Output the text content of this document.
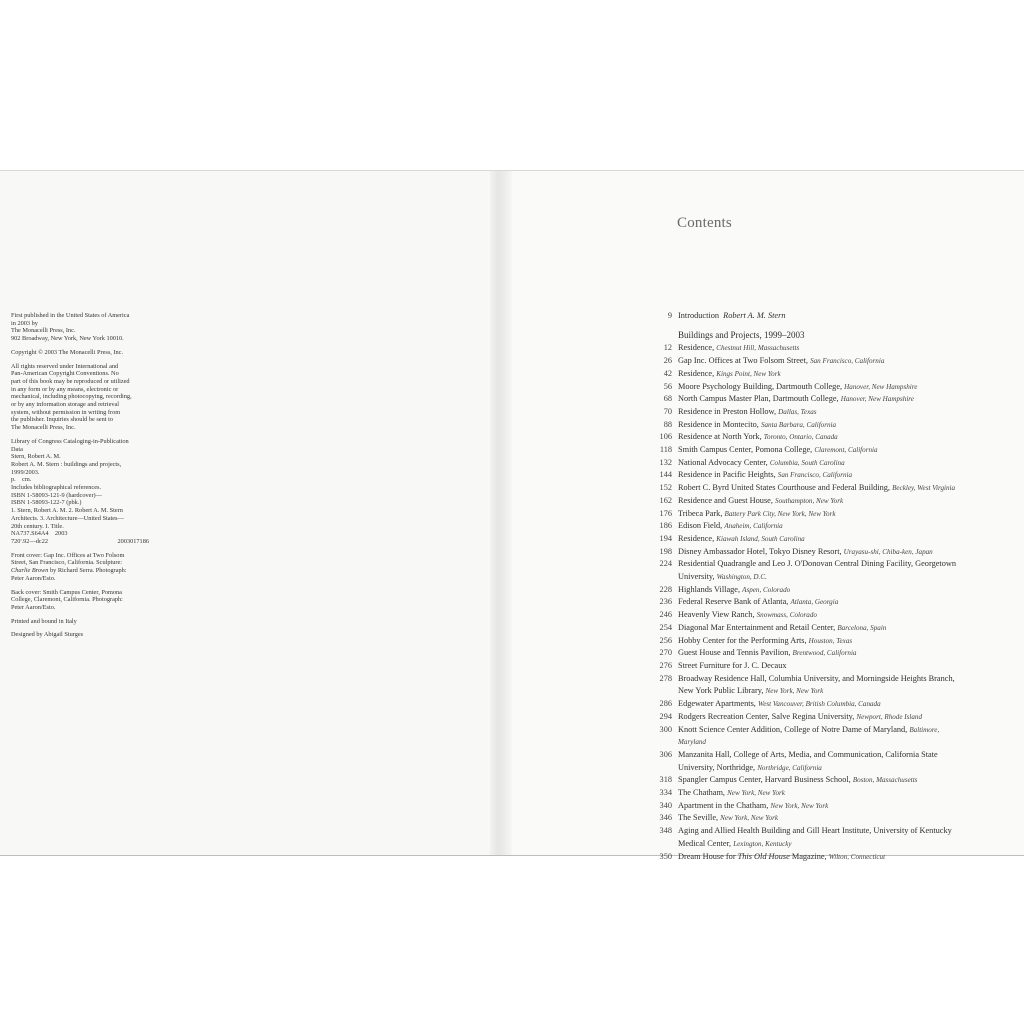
First published in the United States of America
in 2003 by
The Monacelli Press, Inc.
902 Broadway, New York, New York 10010.

Copyright © 2003 The Monacelli Press, Inc.

All rights reserved under International and
Pan-American Copyright Conventions. No
part of this book may be reproduced or utilized
in any form or by any means, electronic or
mechanical, including photocopying, recording,
or by any information storage and retrieval
system, without permission in writing from
the publisher. Inquiries should be sent to
The Monacelli Press, Inc.

Library of Congress Cataloging-in-Publication
Data
Stern, Robert A. M.
Robert A. M. Stern : buildings and projects,
1999/2003.
p.    cm.
Includes bibliographical references.
ISBN 1-58093-121-9 (hardcover)—
ISBN 1-58093-122-7 (pbk.)
1. Stern, Robert A. M. 2. Robert A. M. Stern
Architects. 3. Architecture—United States—
20th century. I. Title.
NA737.S64A4    2003
720'.92—dc22	2003017186

Front cover: Gap Inc. Offices at Two Folsom
Street, San Francisco, California. Sculpture:
Charlie Brown by Richard Serra. Photograph:
Peter Aaron/Esto.

Back cover: Smith Campus Center, Pomona
College, Claremont, California. Photograph:
Peter Aaron/Esto.

Printed and bound in Italy

Designed by Abigail Sturges

Contents
9 Introduction Robert A. M. Stern
Buildings and Projects, 1999–2003
12 Residence, Chestnut Hill, Massachusetts
26 Gap Inc. Offices at Two Folsom Street, San Francisco, California
42 Residence, Kings Point, New York
56 Moore Psychology Building, Dartmouth College, Hanover, New Hampshire
68 North Campus Master Plan, Dartmouth College, Hanover, New Hampshire
70 Residence in Preston Hollow, Dallas, Texas
88 Residence in Montecito, Santa Barbara, California
106 Residence at North York, Toronto, Ontario, Canada
118 Smith Campus Center, Pomona College, Claremont, California
132 National Advocacy Center, Columbia, South Carolina
144 Residence in Pacific Heights, San Francisco, California
152 Robert C. Byrd United States Courthouse and Federal Building, Beckley, West Virginia
162 Residence and Guest House, Southampton, New York
176 Tribeca Park, Battery Park City, New York, New York
186 Edison Field, Anaheim, California
194 Residence, Kiawah Island, South Carolina
198 Disney Ambassador Hotel, Tokyo Disney Resort, Urayasu-shi, Chiba-ken, Japan
224 Residential Quadrangle and Leo J. O'Donovan Central Dining Facility, Georgetown
University, Washington, D.C.
228 Highlands Village, Aspen, Colorado
236 Federal Reserve Bank of Atlanta, Atlanta, Georgia
246 Heavenly View Ranch, Snowmass, Colorado
254 Diagonal Mar Entertainment and Retail Center, Barcelona, Spain
256 Hobby Center for the Performing Arts, Houston, Texas
270 Guest House and Tennis Pavilion, Brentwood, California
276 Street Furniture for J. C. Decaux
278 Broadway Residence Hall, Columbia University, and Morningside Heights Branch,
New York Public Library, New York, New York
286 Edgewater Apartments, West Vancouver, British Columbia, Canada
294 Rodgers Recreation Center, Salve Regina University, Newport, Rhode Island
300 Knott Science Center Addition, College of Notre Dame of Maryland, Baltimore,
Maryland
306 Manzanita Hall, College of Arts, Media, and Communication, California State
University, Northridge, Northridge, California
318 Spangler Campus Center, Harvard Business School, Boston, Massachusetts
334 The Chatham, New York, New York
340 Apartment in the Chatham, New York, New York
346 The Seville, New York, New York
348 Aging and Allied Health Building and Gill Heart Institute, University of Kentucky
Medical Center, Lexington, Kentucky
350 Dream House for This Old House Magazine, Wilton, Connecticut
